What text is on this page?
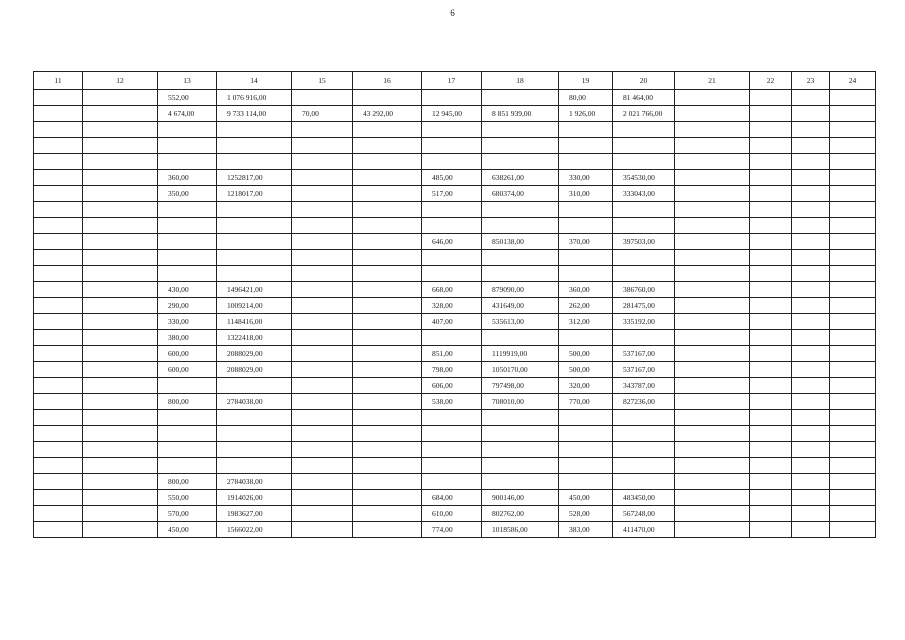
6
11	12	13	14	15	16	17	18	19	20	21	22	23	24
		552,00	1 076 916,00					80,00	81 464,00				
		4 674,00	9 733 114,00	70,00	43 292,00	12 945,00	8 851 939,00	1 926,00	2 021 766,00				

		360,00	1252817,00			485,00	638261,00	330,00	354530,00				
		350,00	1218017,00			517,00	680374,00	310,00	333043,00				

						646,00	850138,00	370,00	397503,00				

		430,00	1496421,00			668,00	879090,00	360,00	386760,00				
		290,00	1009214,00			328,00	431649,00	262,00	281475,00				
		330,00	1148416,00			407,00	535613,00	312,00	335192,00				
		380,00	1322418,00										
		600,00	2088029,00			851,00	1119919,00	500,00	537167,00				
		600,00	2088029,00			798,00	1050170,00	500,00	537167,00				
						606,00	797498,00	320,00	343787,00				
		800,00	2784038,00			538,00	708010,00	770,00	827236,00				

		800,00	2784038,00										
		550,00	1914026,00			684,00	900146,00	450,00	483450,00				
		570,00	1983627,00			610,00	802762,00	528,00	567248,00				
		450,00	1566022,00			774,00	1018586,00	383,00	411470,00				
